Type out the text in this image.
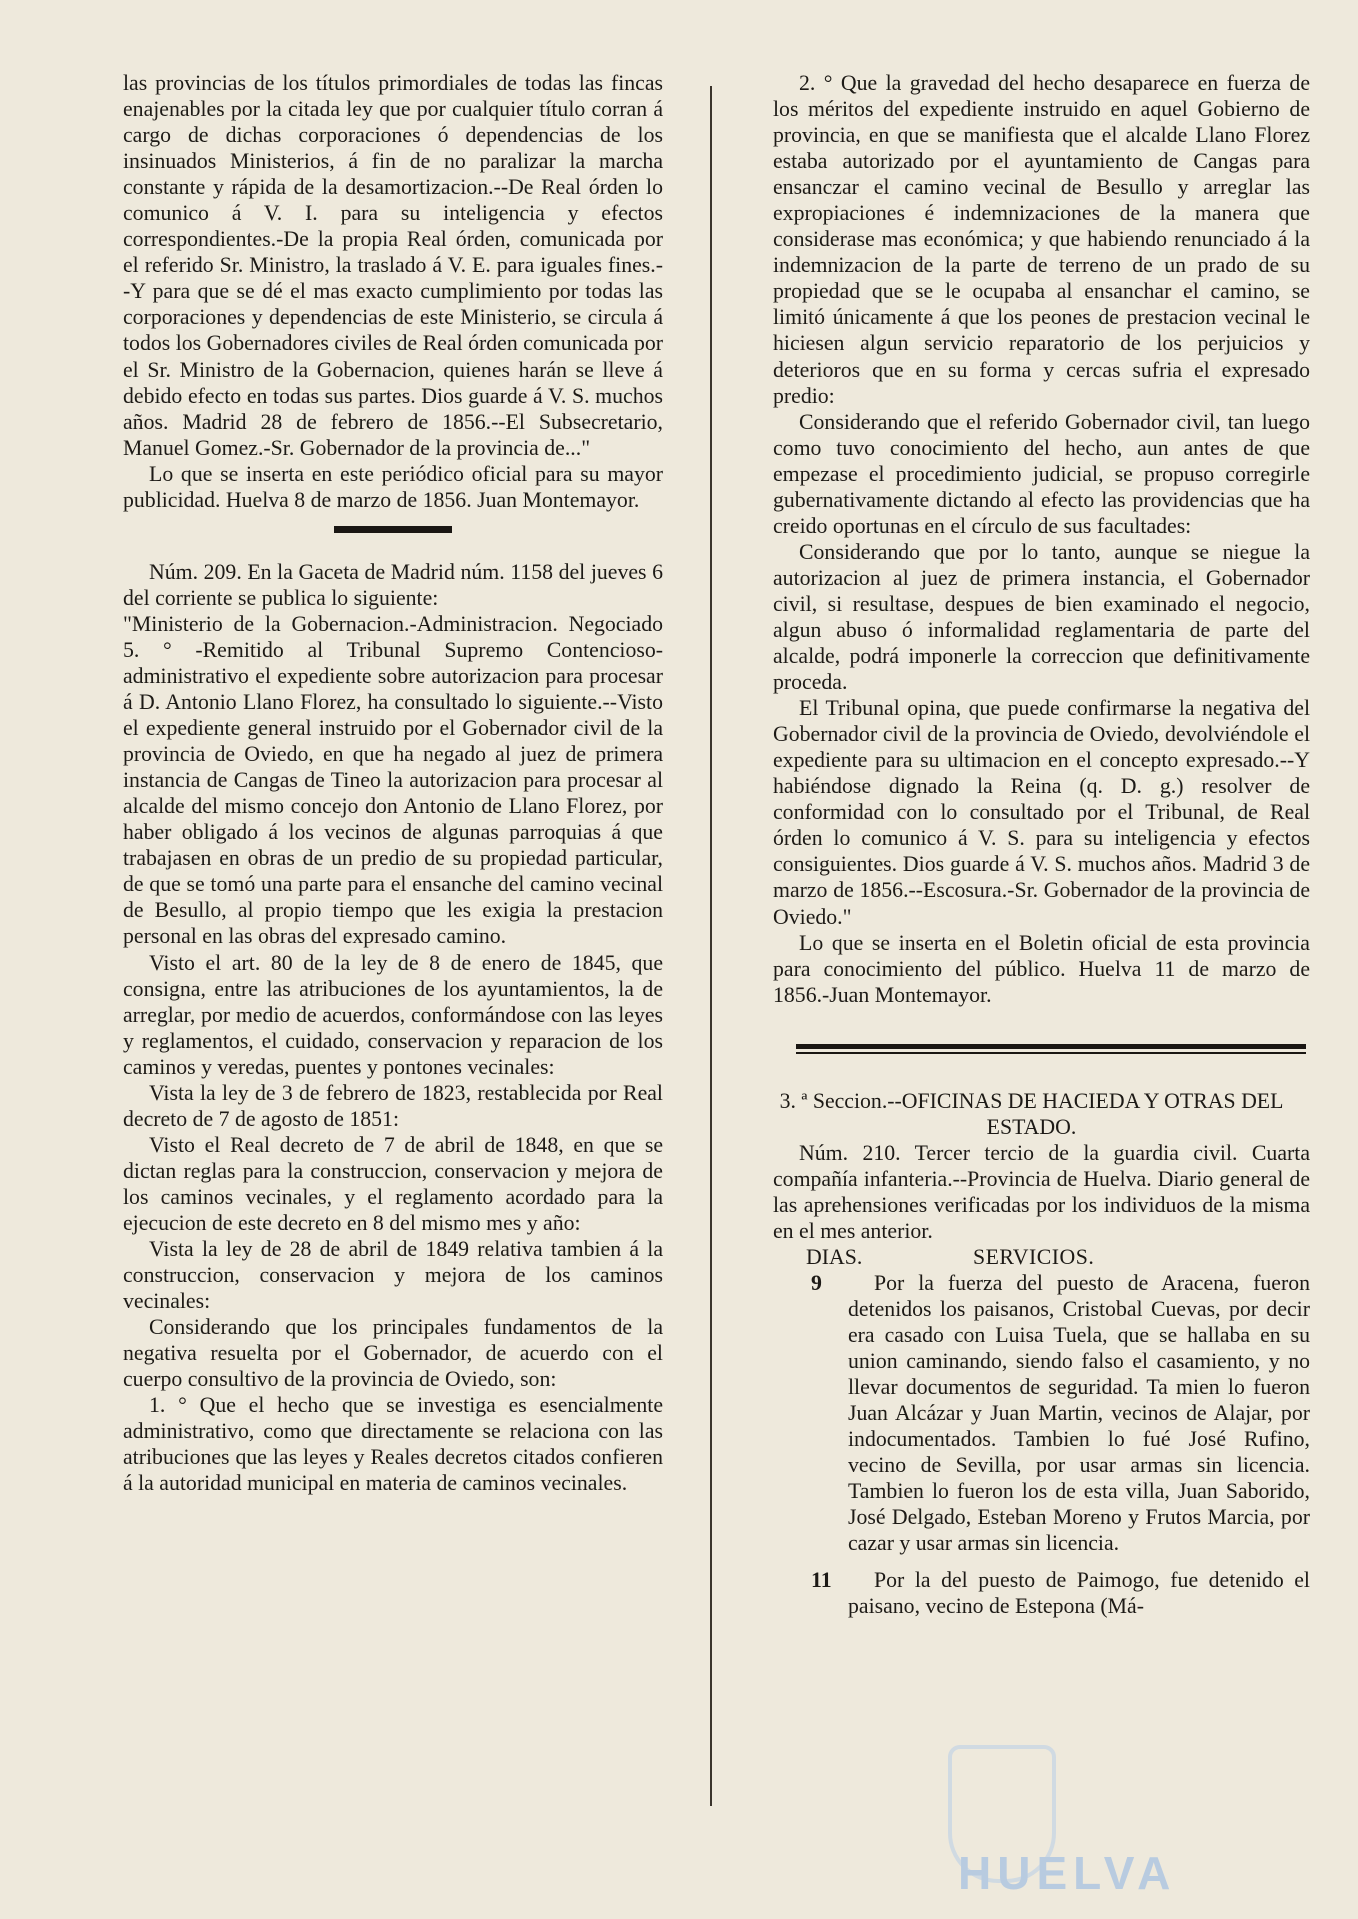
las provincias de los títulos primordiales de todas las fincas enajenables por la citada ley que por cualquier título corran á cargo de dichas corporaciones ó dependencias de los insinuados Ministerios, á fin de no paralizar la marcha constante y rápida de la desamortizacion.--De Real órden lo comunico á V. I. para su inteligencia y efectos correspondientes.-De la propia Real órden, comunicada por el referido Sr. Ministro, la traslado á V. E. para iguales fines.--Y para que se dé el mas exacto cumplimiento por todas las corporaciones y dependencias de este Ministerio, se circula á todos los Gobernadores civiles de Real órden comunicada por el Sr. Ministro de la Gobernacion, quienes harán se lleve á debido efecto en todas sus partes. Dios guarde á V. S. muchos años. Madrid 28 de febrero de 1856.--El Subsecretario, Manuel Gomez.-Sr. Gobernador de la provincia de..."

Lo que se inserta en este periódico oficial para su mayor publicidad. Huelva 8 de marzo de 1856. Juan Montemayor.

Núm. 209. En la Gaceta de Madrid núm. 1158 del jueves 6 del corriente se publica lo siguiente:

"Ministerio de la Gobernacion.-Administracion. Negociado 5. ° -Remitido al Tribunal Supremo Contencioso-administrativo el expediente sobre autorizacion para procesar á D. Antonio Llano Florez, ha consultado lo siguiente.--Visto el expediente general instruido por el Gobernador civil de la provincia de Oviedo, en que ha negado al juez de primera instancia de Cangas de Tineo la autorizacion para procesar al alcalde del mismo concejo don Antonio de Llano Florez, por haber obligado á los vecinos de algunas parroquias á que trabajasen en obras de un predio de su propiedad particular, de que se tomó una parte para el ensanche del camino vecinal de Besullo, al propio tiempo que les exigia la prestacion personal en las obras del expresado camino.

Visto el art. 80 de la ley de 8 de enero de 1845, que consigna, entre las atribuciones de los ayuntamientos, la de arreglar, por medio de acuerdos, conformándose con las leyes y reglamentos, el cuidado, conservacion y reparacion de los caminos y veredas, puentes y pontones vecinales:

Vista la ley de 3 de febrero de 1823, restablecida por Real decreto de 7 de agosto de 1851:

Visto el Real decreto de 7 de abril de 1848, en que se dictan reglas para la construccion, conservacion y mejora de los caminos vecinales, y el reglamento acordado para la ejecucion de este decreto en 8 del mismo mes y año:

Vista la ley de 28 de abril de 1849 relativa tambien á la construccion, conservacion y mejora de los caminos vecinales:

Considerando que los principales fundamentos de la negativa resuelta por el Gobernador, de acuerdo con el cuerpo consultivo de la provincia de Oviedo, son:

1. ° Que el hecho que se investiga es esencialmente administrativo, como que directamente se relaciona con las atribuciones que las leyes y Reales decretos citados confieren á la autoridad municipal en materia de caminos vecinales.

2. ° Que la gravedad del hecho desaparece en fuerza de los méritos del expediente instruido en aquel Gobierno de provincia, en que se manifiesta que el alcalde Llano Florez estaba autorizado por el ayuntamiento de Cangas para ensanczar el camino vecinal de Besullo y arreglar las expropiaciones é indemnizaciones de la manera que considerase mas económica; y que habiendo renunciado á la indemnizacion de la parte de terreno de un prado de su propiedad que se le ocupaba al ensanchar el camino, se limitó únicamente á que los peones de prestacion vecinal le hiciesen algun servicio reparatorio de los perjuicios y deterioros que en su forma y cercas sufria el expresado predio:

Considerando que el referido Gobernador civil, tan luego como tuvo conocimiento del hecho, aun antes de que empezase el procedimiento judicial, se propuso corregirle gubernativamente dictando al efecto las providencias que ha creido oportunas en el círculo de sus facultades:

Considerando que por lo tanto, aunque se niegue la autorizacion al juez de primera instancia, el Gobernador civil, si resultase, despues de bien examinado el negocio, algun abuso ó informalidad reglamentaria de parte del alcalde, podrá imponerle la correccion que definitivamente proceda.

El Tribunal opina, que puede confirmarse la negativa del Gobernador civil de la provincia de Oviedo, devolviéndole el expediente para su ultimacion en el concepto expresado.--Y habiéndose dignado la Reina (q. D. g.) resolver de conformidad con lo consultado por el Tribunal, de Real órden lo comunico á V. S. para su inteligencia y efectos consiguientes. Dios guarde á V. S. muchos años. Madrid 3 de marzo de 1856.--Escosura.-Sr. Gobernador de la provincia de Oviedo."

Lo que se inserta en el Boletin oficial de esta provincia para conocimiento del público. Huelva 11 de marzo de 1856.-Juan Montemayor.

3. ª Seccion.--OFICINAS DE HACIEDA Y OTRAS DEL ESTADO.

Núm. 210. Tercer tercio de la guardia civil. Cuarta compañía infanteria.--Provincia de Huelva. Diario general de las aprehensiones verificadas por los individuos de la misma en el mes anterior.

DIAS.	SERVICIOS.
9	Por la fuerza del puesto de Aracena, fueron detenidos los paisanos, Cristobal Cuevas, por decir era casado con Luisa Tuela, que se hallaba en su union caminando, siendo falso el casamiento, y no llevar documentos de seguridad. Ta mien lo fueron Juan Alcázar y Juan Martin, vecinos de Alajar, por indocumentados. Tambien lo fué José Rufino, vecino de Sevilla, por usar armas sin licencia. Tambien lo fueron los de esta villa, Juan Saborido, José Delgado, Esteban Moreno y Frutos Marcia, por cazar y usar armas sin licencia.
11	Por la del puesto de Paimogo, fue detenido el paisano, vecino de Estepona (Má-
HUELVA
